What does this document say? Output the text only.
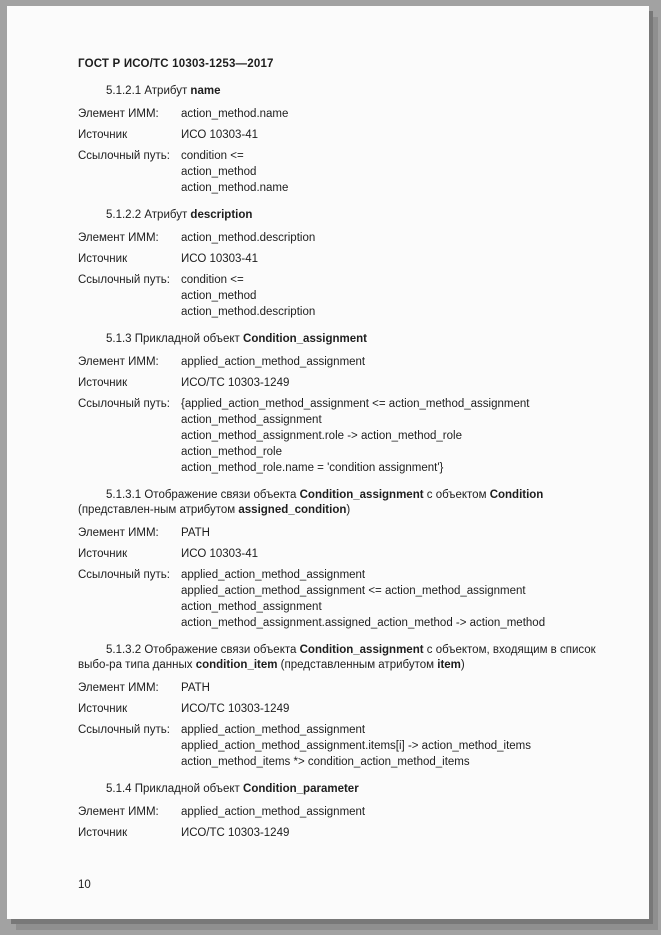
ГОСТ Р ИСО/ТС 10303-1253—2017
5.1.2.1 Атрибут name
Элемент ИММ:	action_method.name
Источник	ИСО 10303-41
Ссылочный путь: condition <=
action_method
action_method.name
5.1.2.2 Атрибут description
Элемент ИММ:	action_method.description
Источник	ИСО 10303-41
Ссылочный путь: condition <=
action_method
action_method.description
5.1.3 Прикладной объект Condition_assignment
Элемент ИММ:	applied_action_method_assignment
Источник	ИСО/ТС 10303-1249
Ссылочный путь: {applied_action_method_assignment <= action_method_assignment
action_method_assignment
action_method_assignment.role -> action_method_role
action_method_role
action_method_role.name = 'condition assignment'}
5.1.3.1 Отображение связи объекта Condition_assignment с объектом Condition (представлен-ным атрибутом assigned_condition)
Элемент ИММ:	PATH
Источник	ИСО 10303-41
Ссылочный путь: applied_action_method_assignment
applied_action_method_assignment <= action_method_assignment
action_method_assignment
action_method_assignment.assigned_action_method -> action_method
5.1.3.2 Отображение связи объекта Condition_assignment с объектом, входящим в список выбо-ра типа данных condition_item (представленным атрибутом item)
Элемент ИММ:	PATH
Источник	ИСО/ТС 10303-1249
Ссылочный путь: applied_action_method_assignment
applied_action_method_assignment.items[i] -> action_method_items
action_method_items *> condition_action_method_items
5.1.4 Прикладной объект Condition_parameter
Элемент ИММ:	applied_action_method_assignment
Источник	ИСО/ТС 10303-1249
10
